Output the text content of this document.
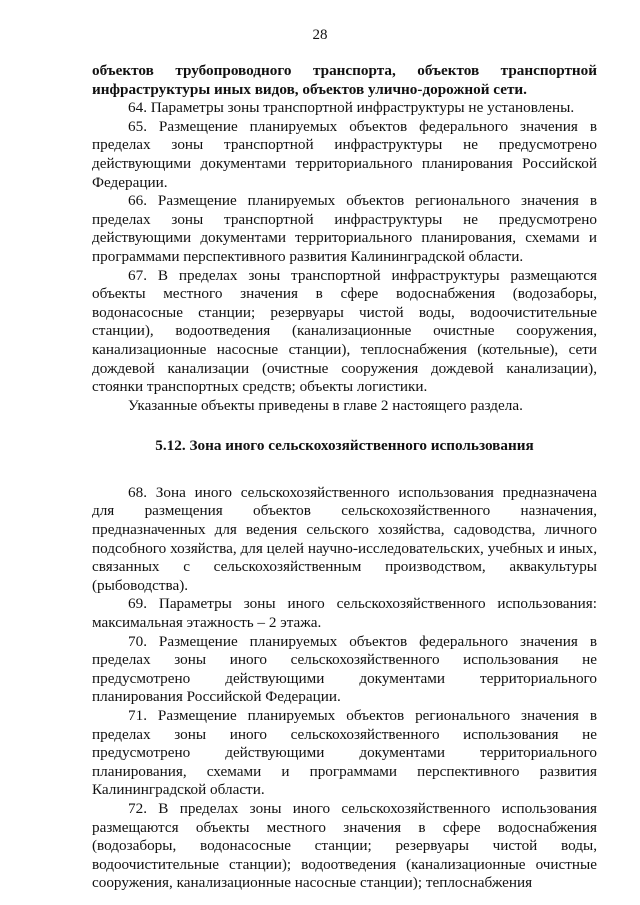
28

объектов трубопроводного транспорта, объектов транспортной инфраструктуры иных видов, объектов улично-дорожной сети.

64. Параметры зоны транспортной инфраструктуры не установлены.

65. Размещение планируемых объектов федерального значения в пределах зоны транспортной инфраструктуры не предусмотрено действующими документами территориального планирования Российской Федерации.

66. Размещение планируемых объектов регионального значения в пределах зоны транспортной инфраструктуры не предусмотрено действующими документами территориального планирования, схемами и программами перспективного развития Калининградской области.

67. В пределах зоны транспортной инфраструктуры размещаются объекты местного значения в сфере водоснабжения (водозаборы, водонасосные станции; резервуары чистой воды, водоочистительные станции), водоотведения (канализационные очистные сооружения, канализационные насосные станции), теплоснабжения (котельные), сети дождевой канализации (очистные сооружения дождевой канализации), стоянки транспортных средств; объекты логистики.

Указанные объекты приведены в главе 2 настоящего раздела.

5.12. Зона иного сельскохозяйственного использования

68. Зона иного сельскохозяйственного использования предназначена для размещения объектов сельскохозяйственного назначения, предназначенных для ведения сельского хозяйства, садоводства, личного подсобного хозяйства, для целей научно-исследовательских, учебных и иных, связанных с сельскохозяйственным производством, аквакультуры (рыбоводства).

69. Параметры зоны иного сельскохозяйственного использования: максимальная этажность – 2 этажа.

70. Размещение планируемых объектов федерального значения в пределах зоны иного сельскохозяйственного использования не предусмотрено действующими документами территориального планирования Российской Федерации.

71. Размещение планируемых объектов регионального значения в пределах зоны иного сельскохозяйственного использования не предусмотрено действующими документами территориального планирования, схемами и программами перспективного развития Калининградской области.

72. В пределах зоны иного сельскохозяйственного использования размещаются объекты местного значения в сфере водоснабжения (водозаборы, водонасосные станции; резервуары чистой воды, водоочистительные станции); водоотведения (канализационные очистные сооружения, канализационные насосные станции); теплоснабжения
